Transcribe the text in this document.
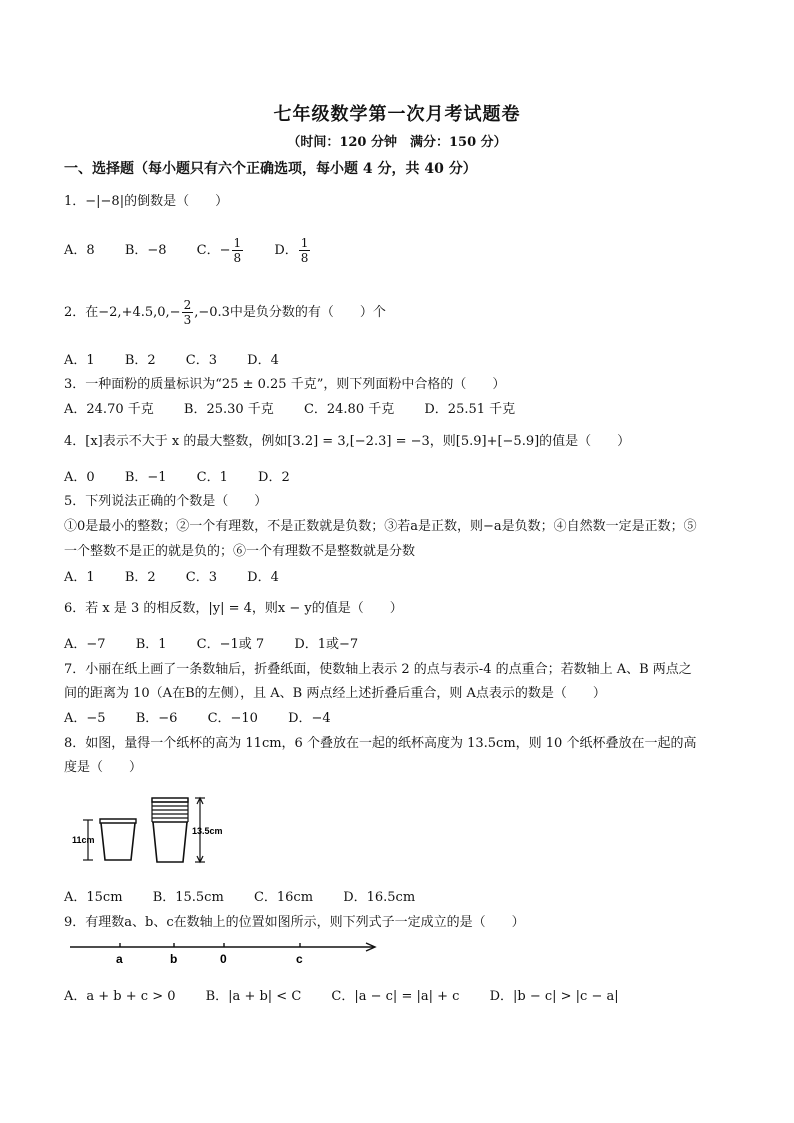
七年级数学第一次月考试题卷
（时间：120 分钟　满分：150 分）
一、选择题（每小题只有六个正确选项，每小题 4 分，共 40 分）
1．−|−8|的倒数是（　　）
A．8 B．−8 C．− $\frac{1}{8}$ D． $\frac{1}{8}$
2．在$-2,+4.5,0,- \frac{2}{3} ,-0.3$中是负分数的有（　　）个
A．1 B．2 C．3 D．4
3．一种面粉的质量标识为“25 ± 0.25 千克”，则下列面粉中合格的（　　）
A．24.70 千克 B．25.30 千克 C．24.80 千克 D．25.51 千克
4．[x]表示不大于 x 的最大整数，例如[3.2] = 3,[−2.3] = −3，则[5.9]+[−5.9]的值是（　　）
A．0 B．−1 C．1 D．2
5．下列说法正确的个数是（　　）
①0是最小的整数；②一个有理数，不是正数就是负数；③若a是正数，则−a是负数；④自然数一定是正数；⑤
一个整数不是正的就是负的；⑥一个有理数不是整数就是分数
A．1 B．2 C．3 D．4
6．若 x 是 3 的相反数，|y| = 4，则x − y的值是（　　）
A．−7 B．1 C．−1或 7 D．1或−7
7．小丽在纸上画了一条数轴后，折叠纸面，使数轴上表示 2 的点与表示-4 的点重合；若数轴上 A、B 两点之
间的距离为 10（A在B的左侧），且 A、B 两点经上述折叠后重合，则 A点表示的数是（　　）
A．−5 B．−6 C．−10 D．−4
8．如图，量得一个纸杯的高为 11cm，6 个叠放在一起的纸杯高度为 13.5cm，则 10 个纸杯叠放在一起的高
度是（　　）
11cm
13.5cm
A．15cm B．15.5cm C．16cm D．16.5cm
9．有理数a、b、c在数轴上的位置如图所示，则下列式子一定成立的是（　　）
a	b	0	c
A．a + b + c > 0 B．|a + b| < C C．|a − c| = |a| + c D．|b − c| > |c − a|
